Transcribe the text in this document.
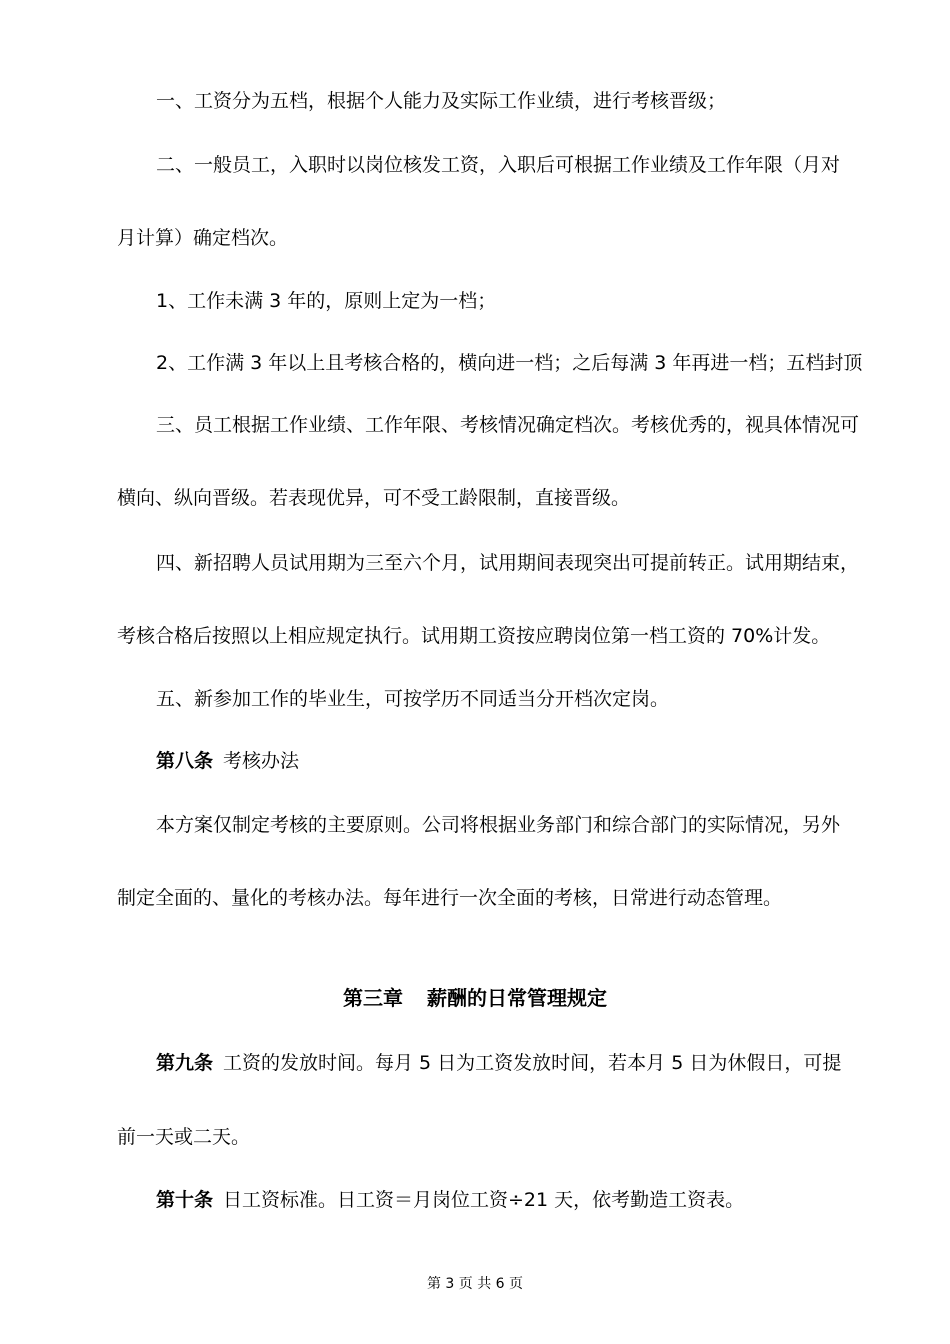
一、工资分为五档，根据个人能力及实际工作业绩，进行考核晋级；
二、一般员工，入职时以岗位核发工资，入职后可根据工作业绩及工作年限（月对
月计算）确定档次。
1、工作未满 3 年的，原则上定为一档；
2、工作满 3 年以上且考核合格的，横向进一档；之后每满 3 年再进一档；五档封顶
三、员工根据工作业绩、工作年限、考核情况确定档次。考核优秀的，视具体情况可
横向、纵向晋级。若表现优异，可不受工龄限制，直接晋级。
四、新招聘人员试用期为三至六个月，试用期间表现突出可提前转正。试用期结束，
考核合格后按照以上相应规定执行。试用期工资按应聘岗位第一档工资的 70%计发。
五、新参加工作的毕业生，可按学历不同适当分开档次定岗。
第八条 考核办法
本方案仅制定考核的主要原则。公司将根据业务部门和综合部门的实际情况，另外
制定全面的、量化的考核办法。每年进行一次全面的考核，日常进行动态管理。
第三章 薪酬的日常管理规定
第九条 工资的发放时间。每月 5 日为工资发放时间，若本月 5 日为休假日，可提
前一天或二天。
第十条 日工资标准。日工资＝月岗位工资÷21 天，依考勤造工资表。
第 3 页 共 6 页
